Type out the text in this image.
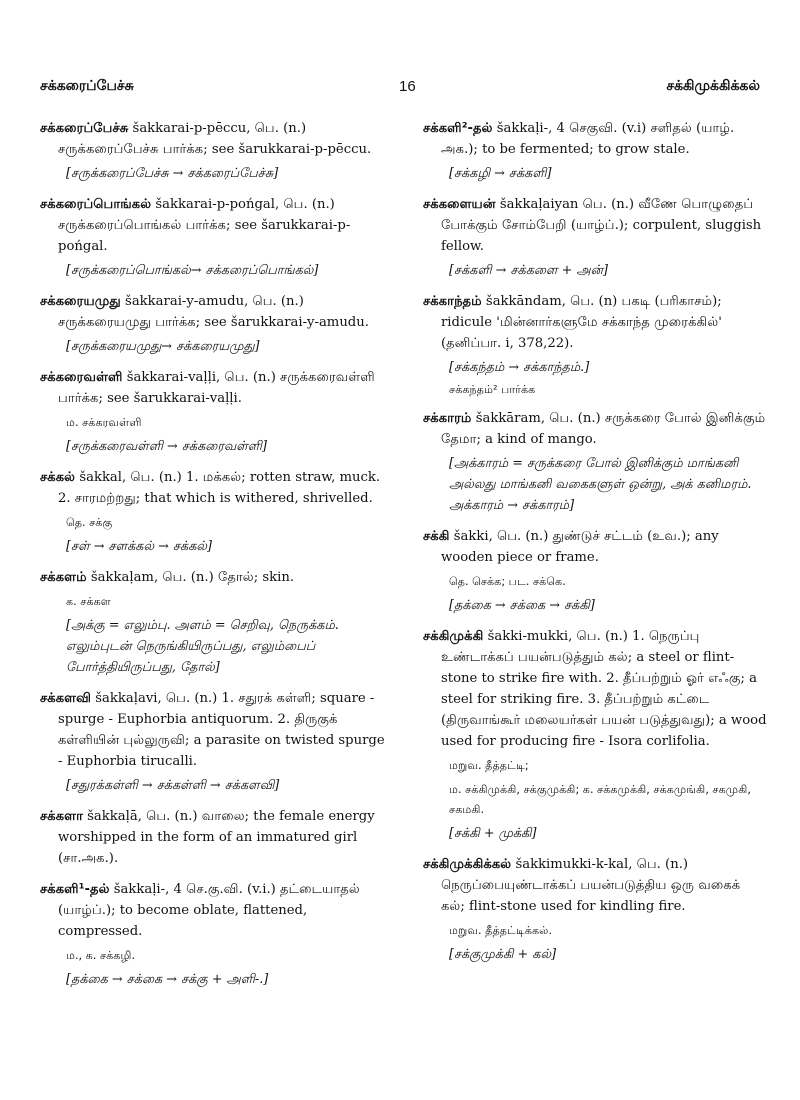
சக்கரைப்பேச்சு	16	சக்கிமுக்கிக்கல்

சக்கரைப்பேச்சு šakkarai-p-pēccu, பெ. (n.) சருக்கரைப்பேச்சு பார்க்க; see šarukkarai-p-pēccu.

[சருக்கரைப்பேச்சு → சக்கரைப்பேச்சு]

சக்கரைப்பொங்கல் šakkarai-p-pońgal, பெ. (n.) சருக்கரைப்பொங்கல் பார்க்க; see šarukkarai-p-pońgal.

[சருக்கரைப்பொங்கல்→ சக்கரைப்பொங்கல்]

சக்கரையமுது šakkarai-y-amudu, பெ. (n.) சருக்கரையமுது பார்க்க; see šarukkarai-y-amudu.

[சருக்கரையமுது→ சக்கரையமுது]

சக்கரைவள்ளி šakkarai-vaḷḷi, பெ. (n.) சருக்கரைவள்ளி பார்க்க; see šarukkarai-vaḷḷi.

ம. சக்கரவள்ளி

[சருக்கரைவள்ளி → சக்கரைவள்ளி]

சக்கல் šakkal, பெ. (n.) 1. மக்கல்; rotten straw, muck. 2. சாரமற்றது; that which is withered, shrivelled.

தெ. சக்கு

[சள் → சளக்கல் → சக்கல்]

சக்களம் šakkaḷam, பெ. (n.) தோல்; skin.

க. சக்கள

[அக்கு = எலும்பு. அளம் = செறிவு, நெருக்கம். எலும்புடன் நெருங்கியிருப்பது, எலும்பைப் போர்த்தியிருப்பது, தோல்]

சக்களவி šakkaḷavi, பெ. (n.) 1. சதுரக் கள்ளி; square - spurge - Euphorbia antiquorum. 2. திருகுக் கள்ளியின் புல்லுருவி; a parasite on twisted spurge - Euphorbia tirucalli.

[சதுரக்கள்ளி → சக்கள்ளி → சக்களவி]

சக்களா šakkaḷā, பெ. (n.) வாலை; the female energy worshipped in the form of an immatured girl (சா.அக.).

சக்களி¹-தல் šakkaḷi-, 4 செ.கு.வி. (v.i.) தட்டையாதல் (யாழ்ப்.); to become oblate, flattened, compressed.

ம., க. சக்கழி.

[தக்கை → சக்கை → சக்கு + அளி-.]

சக்களி²-தல் šakkaḷi-, 4 செகுவி. (v.i) சளிதல் (யாழ். அக.); to be fermented; to grow stale.

[சக்கழி → சக்களி]

சக்களையன் šakkaḷaiyan பெ. (n.) வீணே பொழுதைப் போக்கும் சோம்பேறி (யாழ்ப்.); corpulent, sluggish fellow.

[சக்களி → சக்களை + அன்]

சக்காந்தம் šakkāndam, பெ. (n) பகடி (பரிகாசம்); ridicule 'மின்னார்களுமே சக்காந்த முரைக்கில்' (தனிப்பா. i, 378,22).

[சக்கந்தம் → சக்காந்தம்.]

சக்கந்தம்² பார்க்க

சக்காரம் šakkāram, பெ. (n.) சருக்கரை போல் இனிக்கும் தேமா; a kind of mango.

[அக்காரம் = சருக்கரை போல் இனிக்கும் மாங்கனி அல்லது மாங்கனி வகைகளுள் ஒன்று, அக் கனிமரம். அக்காரம் → சக்காரம்]

சக்கி šakki, பெ. (n.) துண்டுச் சட்டம் (உவ.); any wooden piece or frame.

தெ. செக்க; பட. சக்கெ.

[தக்கை → சக்கை → சக்கி]

சக்கிமுக்கி šakki-mukki, பெ. (n.) 1. நெருப்பு உண்டாக்கப் பயன்படுத்தும் கல்; a steel or flint-stone to strike fire with. 2. தீப்பற்றும் ஓர் எஃகு; a steel for striking fire. 3. தீப்பற்றும் கட்டை (திருவாங்கூர் மலையர்கள் பயன் படுத்துவது); a wood used for producing fire - Isora corlifolia.

மறுவ. தீத்தட்டி;

ம. சக்கிமுக்கி, சக்குமுக்கி; க. சக்கமுக்கி, சக்கமுங்கி, சகமுகி, சகமகி.

[சக்கி + முக்கி]

சக்கிமுக்கிக்கல் šakkimukki-k-kal, பெ. (n.) நெருப்பையுண்டாக்கப் பயன்படுத்திய ஒரு வகைக் கல்; flint-stone used for kindling fire.

மறுவ. தீத்தட்டிக்கல்.

[சக்குமுக்கி + கல்]
